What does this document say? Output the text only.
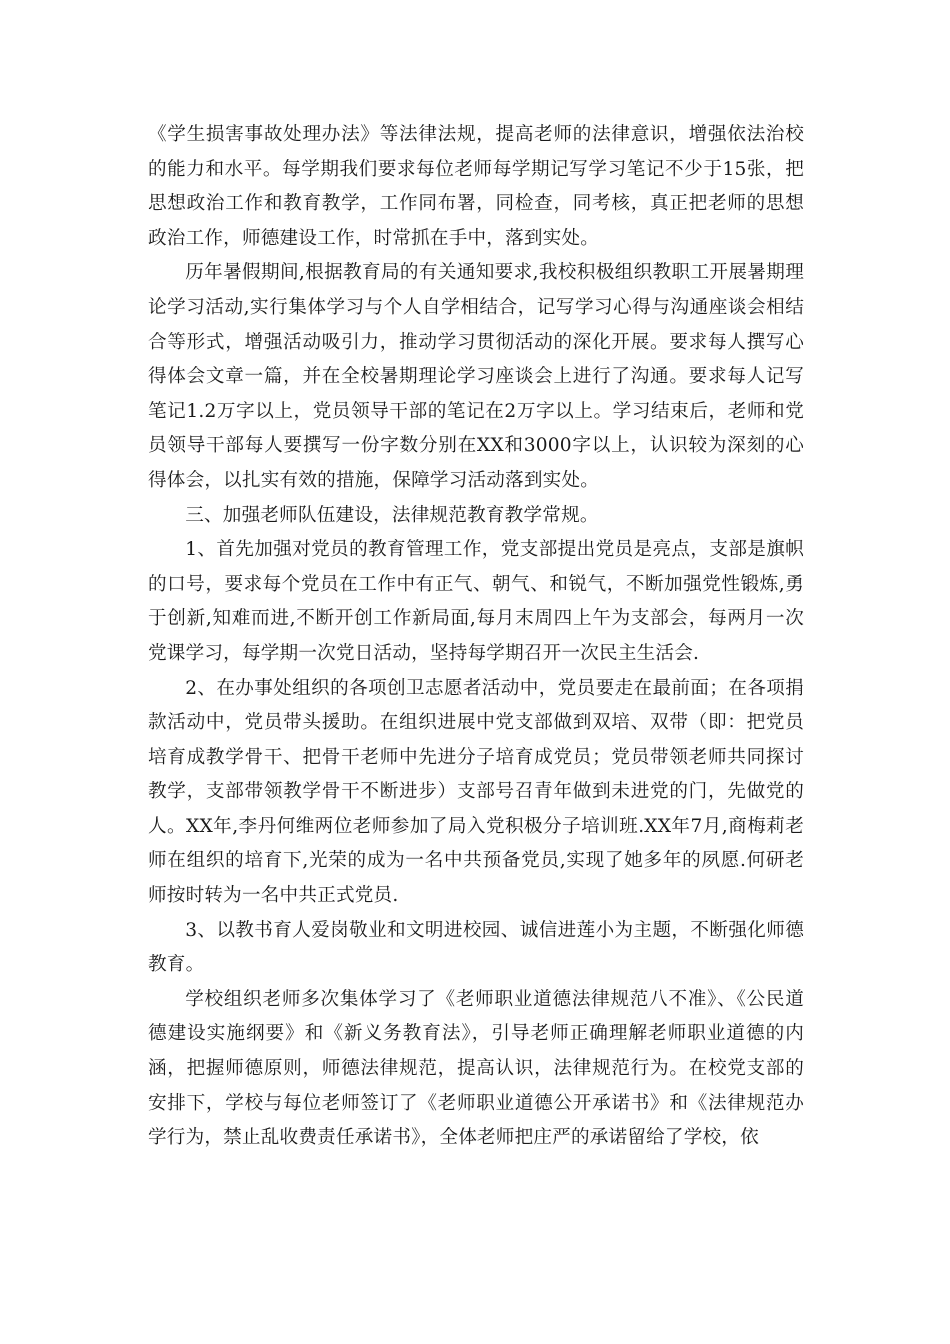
《学生损害事故处理办法》等法律法规，提高老师的法律意识，增强依法治校的能力和水平。每学期我们要求每位老师每学期记写学习笔记不少于15张，把思想政治工作和教育教学，工作同布署，同检查，同考核，真正把老师的思想政治工作，师德建设工作，时常抓在手中，落到实处。

历年暑假期间,根据教育局的有关通知要求,我校积极组织教职工开展暑期理论学习活动,实行集体学习与个人自学相结合，记写学习心得与沟通座谈会相结合等形式，增强活动吸引力，推动学习贯彻活动的深化开展。要求每人撰写心得体会文章一篇，并在全校暑期理论学习座谈会上进行了沟通。要求每人记写笔记1.2万字以上，党员领导干部的笔记在2万字以上。学习结束后，老师和党员领导干部每人要撰写一份字数分别在XX和3000字以上，认识较为深刻的心得体会，以扎实有效的措施，保障学习活动落到实处。

三、加强老师队伍建设，法律规范教育教学常规。

1、首先加强对党员的教育管理工作，党支部提出党员是亮点，支部是旗帜的口号，要求每个党员在工作中有正气、朝气、和锐气，不断加强党性锻炼,勇于创新,知难而进,不断开创工作新局面,每月末周四上午为支部会，每两月一次党课学习，每学期一次党日活动，坚持每学期召开一次民主生活会.

2、在办事处组织的各项创卫志愿者活动中，党员要走在最前面；在各项捐款活动中，党员带头援助。在组织进展中党支部做到双培、双带（即：把党员培育成教学骨干、把骨干老师中先进分子培育成党员；党员带领老师共同探讨教学，支部带领教学骨干不断进步）支部号召青年做到未进党的门，先做党的人。XX年,李丹何维两位老师参加了局入党积极分子培训班.XX年7月,商梅莉老师在组织的培育下,光荣的成为一名中共预备党员,实现了她多年的夙愿.何研老师按时转为一名中共正式党员.

3、以教书育人爱岗敬业和文明进校园、诚信进莲小为主题，不断强化师德教育。

学校组织老师多次集体学习了《老师职业道德法律规范八不准》、《公民道德建设实施纲要》和《新义务教育法》，引导老师正确理解老师职业道德的内涵，把握师德原则，师德法律规范，提高认识，法律规范行为。在校党支部的安排下，学校与每位老师签订了《老师职业道德公开承诺书》和《法律规范办学行为，禁止乱收费责任承诺书》，全体老师把庄严的承诺留给了学校，依
